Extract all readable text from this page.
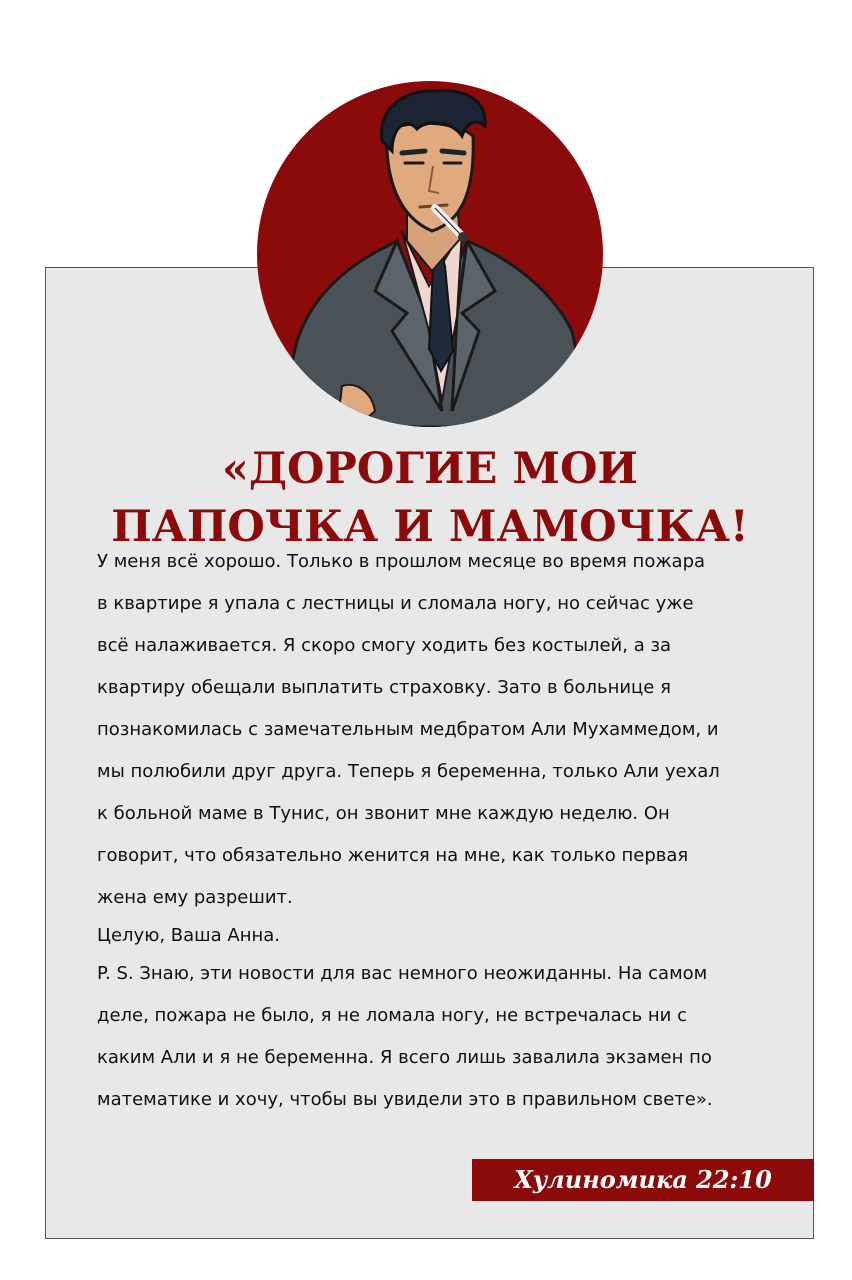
«ДОРОГИЕ МОИ
ПАПОЧКА И МАМОЧКА!
У меня всё хорошо. Только в прошлом месяце во время пожара
в квартире я упала с лестницы и сломала ногу, но сейчас уже
всё налаживается. Я скоро смогу ходить без костылей, а за
квартиру обещали выплатить страховку. Зато в больнице я
познакомилась с замечательным медбратом Али Мухаммедом, и
мы полюбили друг друга. Теперь я беременна, только Али уехал
к больной маме в Тунис, он звонит мне каждую неделю. Он
говорит, что обязательно женится на мне, как только первая
жена ему разрешит.
Целую, Ваша Анна.
P. S. Знаю, эти новости для вас немного неожиданны. На самом
деле, пожара не было, я не ломала ногу, не встречалась ни с
каким Али и я не беременна. Я всего лишь завалила экзамен по
математике и хочу, чтобы вы увидели это в правильном свете».
Хулиномика 22:10
